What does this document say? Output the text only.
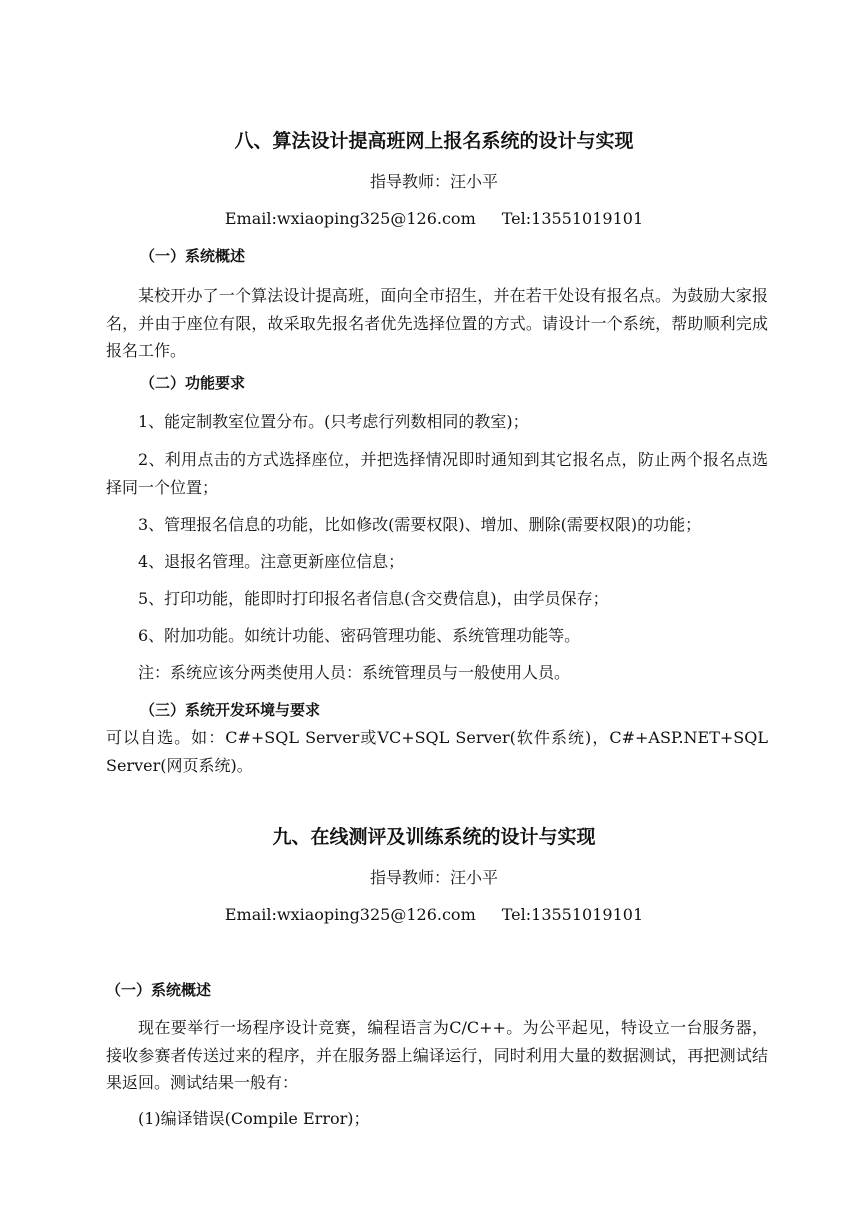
八、算法设计提高班网上报名系统的设计与实现
指导教师：汪小平
Email:wxiaoping325@126.com Tel:13551019101
（一）系统概述
某校开办了一个算法设计提高班，面向全市招生，并在若干处设有报名点。为鼓励大家报名，并由于座位有限，故采取先报名者优先选择位置的方式。请设计一个系统，帮助顺利完成报名工作。
（二）功能要求
1、能定制教室位置分布。(只考虑行列数相同的教室)；
2、利用点击的方式选择座位，并把选择情况即时通知到其它报名点，防止两个报名点选择同一个位置；
3、管理报名信息的功能，比如修改(需要权限)、增加、删除(需要权限)的功能；
4、退报名管理。注意更新座位信息；
5、打印功能，能即时打印报名者信息(含交费信息)，由学员保存；
6、附加功能。如统计功能、密码管理功能、系统管理功能等。
注：系统应该分两类使用人员：系统管理员与一般使用人员。
（三）系统开发环境与要求
可以自选。如：C#+SQL Server或VC+SQL Server(软件系统)，C#+ASP.NET+SQL Server(网页系统)。
九、在线测评及训练系统的设计与实现
指导教师：汪小平
Email:wxiaoping325@126.com Tel:13551019101
（一）系统概述
现在要举行一场程序设计竞赛，编程语言为C/C++。为公平起见，特设立一台服务器，接收参赛者传送过来的程序，并在服务器上编译运行，同时利用大量的数据测试，再把测试结果返回。测试结果一般有：
(1)编译错误(Compile Error)；
